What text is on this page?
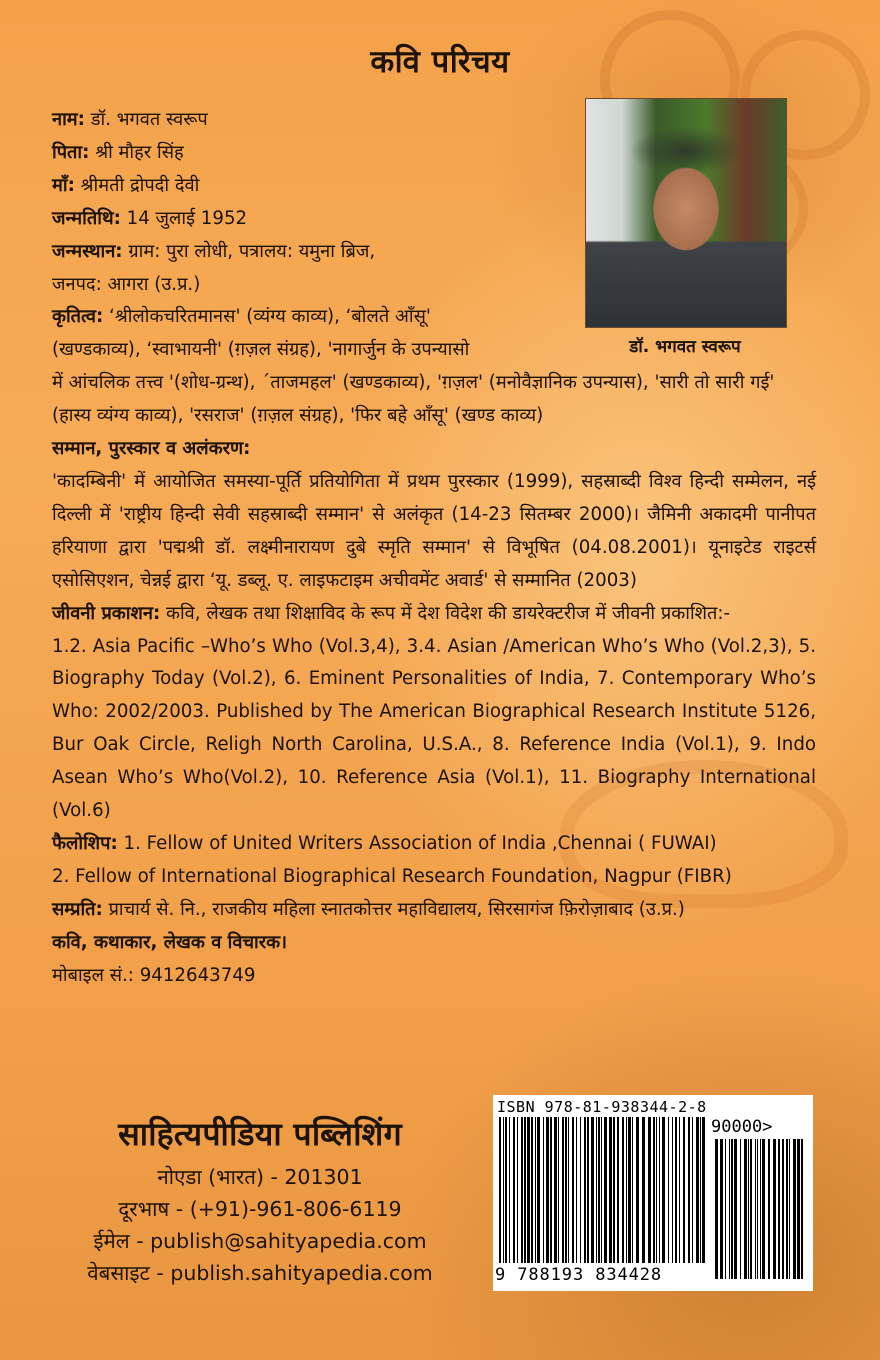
कवि परिचय
डॉ. भगवत स्वरूप

नाम: डॉ. भगवत स्वरूप

पिता: श्री मौहर सिंह

माँ: श्रीमती द्रोपदी देवी

जन्मतिथि: 14 जुलाई 1952

जन्मस्थान: ग्राम: पुरा लोधी, पत्रालय: यमुना ब्रिज,

जनपद: आगरा (उ.प्र.)

कृतित्व: ‘श्रीलोकचरितमानस' (व्यंग्य काव्य), ‘बोलते आँसू'

(खण्डकाव्य), ‘स्वाभायनी' (ग़ज़ल संग्रह), 'नागार्जुन के उपन्यासो

में आंचलिक तत्त्व '(शोध-ग्रन्थ), ´ताजमहल' (खण्डकाव्य), 'ग़ज़ल' (मनोवैज्ञानिक उपन्यास), 'सारी तो सारी गई' (हास्य व्यंग्य काव्य), 'रसराज' (ग़ज़ल संग्रह), 'फिर बहे आँसू' (खण्ड काव्य)

सम्मान, पुरस्कार व अलंकरण:

'कादम्बिनी' में आयोजित समस्या-पूर्ति प्रतियोगिता में प्रथम पुरस्कार (1999), सहस्राब्दी विश्व हिन्दी सम्मेलन, नई दिल्ली में 'राष्ट्रीय हिन्दी सेवी सहस्राब्दी सम्मान' से अलंकृत (14-23 सितम्बर 2000)। जैमिनी अकादमी पानीपत हरियाणा द्वारा 'पद्मश्री डॉ. लक्ष्मीनारायण दुबे स्मृति सम्मान' से विभूषित (04.08.2001)। यूनाइटेड राइटर्स एसोसिएशन, चेन्नई द्वारा ‘यू. डब्लू. ए. लाइफटाइम अचीवमेंट अवार्ड' से सम्मानित (2003)

जीवनी प्रकाशन: कवि, लेखक तथा शिक्षाविद के रूप में देश विदेश की डायरेक्टरीज में जीवनी प्रकाशित:-

1.2. Asia Pacific –Who’s Who (Vol.3,4), 3.4. Asian /American Who’s Who (Vol.2,3), 5. Biography Today (Vol.2), 6. Eminent Personalities of India, 7. Contemporary Who’s Who: 2002/2003. Published by The American Biographical Research Institute 5126, Bur Oak Circle, Religh North Carolina, U.S.A., 8. Reference India (Vol.1), 9. Indo Asean Who’s Who(Vol.2), 10. Reference Asia (Vol.1), 11. Biography International (Vol.6)

फैलोशिप: 1. Fellow of United Writers Association of India ,Chennai ( FUWAI)

2. Fellow of International Biographical Research Foundation, Nagpur (FIBR)

सम्प्रति: प्राचार्य से. नि., राजकीय महिला स्नातकोत्तर महाविद्यालय, सिरसागंज फ़िरोज़ाबाद (उ.प्र.)

कवि, कथाकार, लेखक व विचारक।

मोबाइल सं.: 9412643749

साहित्यपीडिया पब्लिशिंग
नोएडा (भारत) - 201301
दूरभाष - (+91)-961-806-6119
ईमेल - publish@sahityapedia.com
वेबसाइट - publish.sahityapedia.com
ISBN 978-81-938344-2-8
90000>
9 788193 834428
